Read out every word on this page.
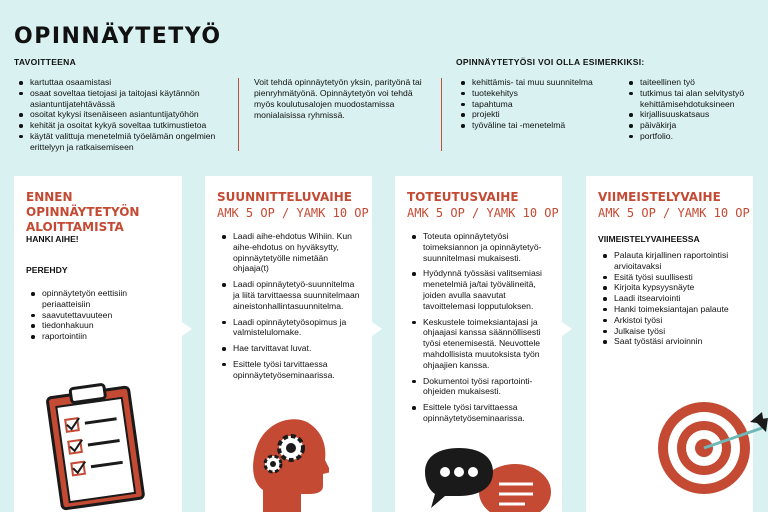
OPINNÄYTETYÖ
TAVOITTEENA
kartuttaa osaamistasi
osaat soveltaa tietojasi ja taitojasi käytännön asiantuntijatehtävässä
osoitat kykysi itsenäiseen asiantuntijatyöhön
kehität ja osoitat kykyä soveltaa tutkimustietoa
käytät valittuja menetelmiä työelämän ongelmien erittelyyn ja ratkaisemiseen
Voit tehdä opinnäytetyön yksin, parityönä tai pienryhmätyönä. Opinnäytetyön voi tehdä myös koulutusalojen muodostamissa monialaisissa ryhmissä.
OPINNÄYTETYÖSI VOI OLLA ESIMERKIKSI:
kehittämis- tai muu suunnitelma
tuotekehitys
tapahtuma
projekti
työväline tai -menetelmä
taiteellinen työ
tutkimus tai alan selvitystyö kehittämisehdotuksineen
kirjallisuuskatsaus
päiväkirja
portfolio.
ENNEN OPINNÄYTETYÖN ALOITTAMISTA
HANKI AIHE!
PEREHDY
opinnäytetyön eettisiin periaatteisiin
saavutettavuuteen
tiedonhakuun
raportointiin
SUUNNITTELUVAIHE
AMK 5 OP / YAMK 10 OP
Laadi aihe-ehdotus Wihiin. Kun aihe-ehdotus on hyväksytty, opinnäytetyölle nimetään ohjaaja(t)
Laadi opinnäytetyö-suunnitelma ja liitä tarvittaessa suunnitelmaan aineistonhallintasuunnitelma.
Laadi opinnäytetyösopimus ja valmistelulomake.
Hae tarvittavat luvat.
Esittele työsi tarvittaessa opinnäytetyöseminaarissa.
TOTEUTUSVAIHE
AMK 5 OP / YAMK 10 OP
Toteuta opinnäytetyösi toimeksiannon ja opinnäytetyö-suunnitelmasi mukaisesti.
Hyödynnä työssäsi valitsemiasi menetelmiä ja/tai työvälineitä, joiden avulla saavutat tavoittelemasi lopputuloksen.
Keskustele toimeksiantajasi ja ohjaajasi kanssa säännöllisesti työsi etenemisestä. Neuvottele mahdollisista muutoksista työn ohjaajien kanssa.
Dokumentoi työsi raportointi-ohjeiden mukaisesti.
Esittele työsi tarvittaessa opinnäytetyöseminaarissa.
VIIMEISTELYVAIHE
AMK 5 OP / YAMK 10 OP
VIIMEISTELYVAIHEESSA
Palauta kirjallinen raportointisi arvioitavaksi
Esitä työsi suullisesti
Kirjoita kypsyysnäyte
Laadi itsearviointi
Hanki toimeksiantajan palaute
Arkistoi työsi
Julkaise työsi
Saat työstäsi arvioinnin
